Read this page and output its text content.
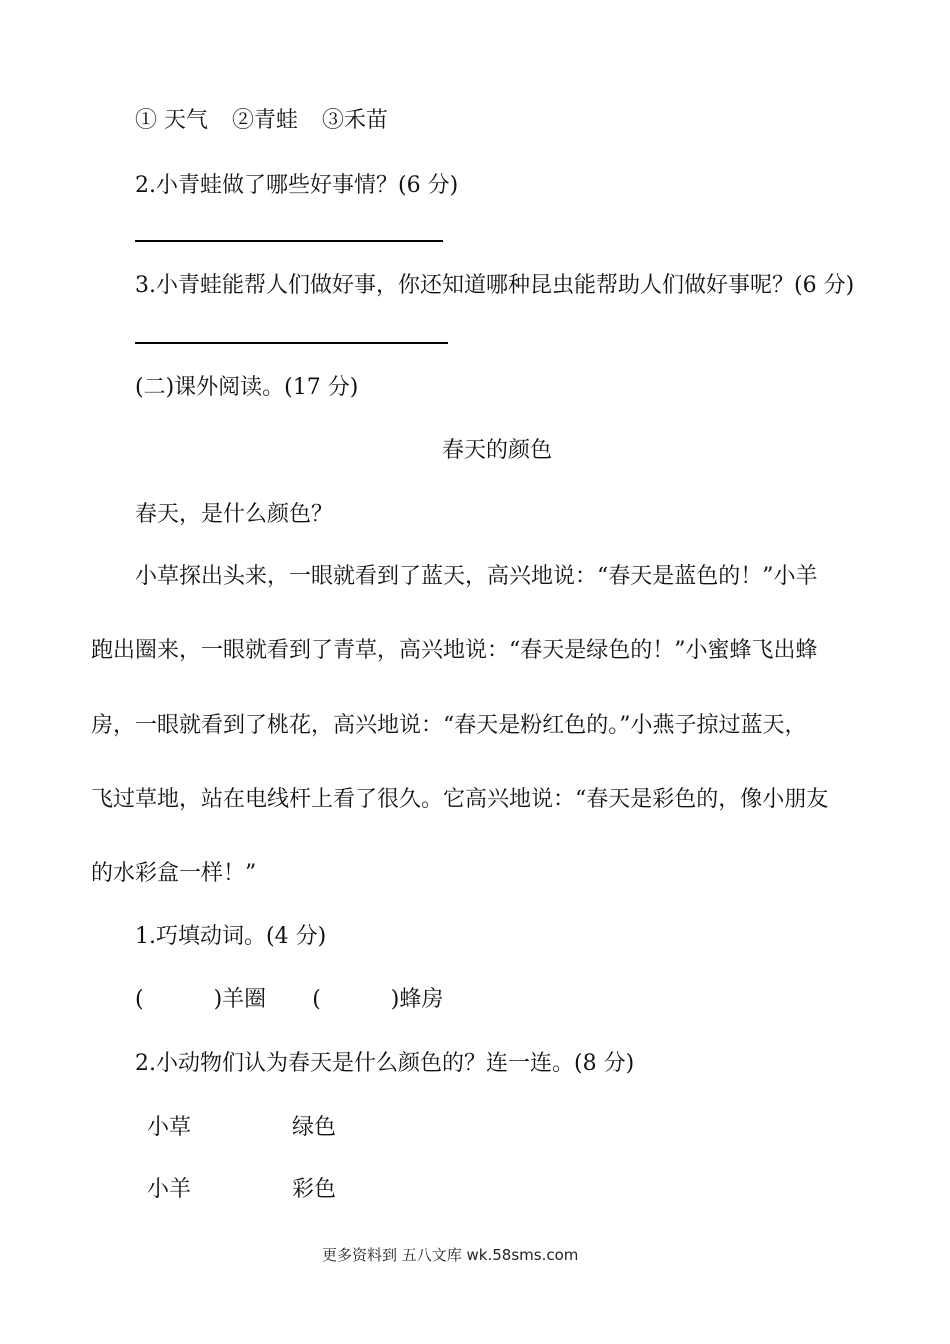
① 天气 ②青蛙 ③禾苗
2.小青蛙做了哪些好事情？(6 分)
3.小青蛙能帮人们做好事，你还知道哪种昆虫能帮助人们做好事呢？(6 分)
(二)课外阅读。(17 分)
春天的颜色
春天，是什么颜色？
小草探出头来，一眼就看到了蓝天，高兴地说：“春天是蓝色的！”小羊
跑出圈来，一眼就看到了青草，高兴地说：“春天是绿色的！”小蜜蜂飞出蜂
房，一眼就看到了桃花，高兴地说：“春天是粉红色的。”小燕子掠过蓝天，
飞过草地，站在电线杆上看了很久。它高兴地说：“春天是彩色的，像小朋友
的水彩盒一样！”
1.巧填动词。(4 分)
(	)羊圈 (	)蜂房
2.小动物们认为春天是什么颜色的？连一连。(8 分)
小草	绿色
小羊	彩色
更多资料到 五八文库 wk.58sms.com
